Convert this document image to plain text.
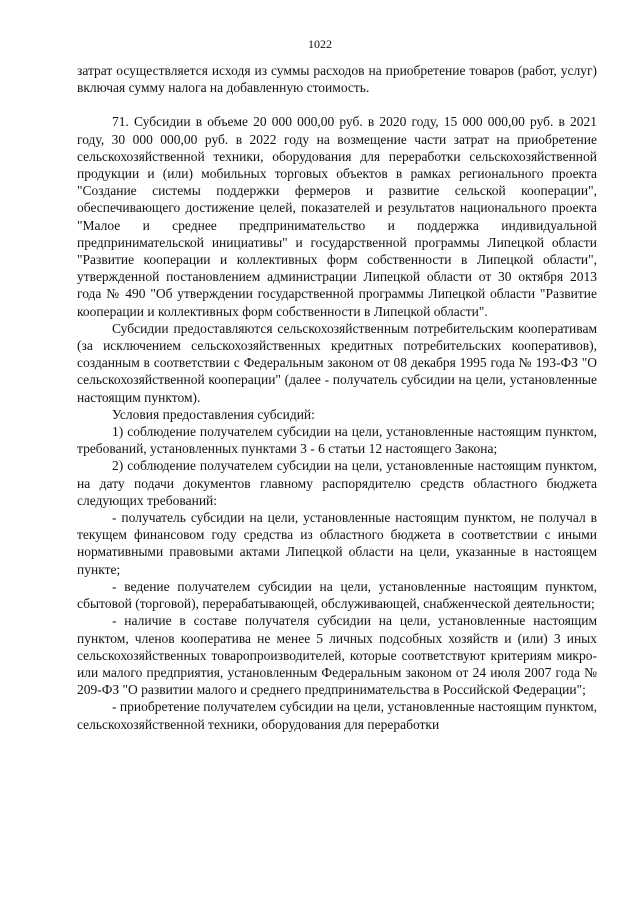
1022

затрат осуществляется исходя из суммы расходов на приобретение товаров (работ, услуг) включая сумму налога на добавленную стоимость.

71. Субсидии в объеме 20 000 000,00 руб. в 2020 году, 15 000 000,00 руб. в 2021 году, 30 000 000,00 руб. в 2022 году на возмещение части затрат на приобретение сельскохозяйственной техники, оборудования для переработки сельскохозяйственной продукции и (или) мобильных торговых объектов в рамках регионального проекта "Создание системы поддержки фермеров и развитие сельской кооперации", обеспечивающего достижение целей, показателей и результатов национального проекта "Малое и среднее предпринимательство и поддержка индивидуальной предпринимательской инициативы" и государственной программы Липецкой области "Развитие кооперации и коллективных форм собственности в Липецкой области", утвержденной постановлением администрации Липецкой области от 30 октября 2013 года № 490 "Об утверждении государственной программы Липецкой области "Развитие кооперации и коллективных форм собственности в Липецкой области".

Субсидии предоставляются сельскохозяйственным потребительским кооперативам (за исключением сельскохозяйственных кредитных потребительских кооперативов), созданным в соответствии с Федеральным законом от 08 декабря 1995 года № 193-ФЗ "О сельскохозяйственной кооперации" (далее - получатель субсидии на цели, установленные настоящим пунктом).

Условия предоставления субсидий:

1) соблюдение получателем субсидии на цели, установленные настоящим пунктом, требований, установленных пунктами 3 - 6 статьи 12 настоящего Закона;

2) соблюдение получателем субсидии на цели, установленные настоящим пунктом, на дату подачи документов главному распорядителю средств областного бюджета следующих требований:

- получатель субсидии на цели, установленные настоящим пунктом, не получал в текущем финансовом году средства из областного бюджета в соответствии с иными нормативными правовыми актами Липецкой области на цели, указанные в настоящем пункте;

- ведение получателем субсидии на цели, установленные настоящим пунктом, сбытовой (торговой), перерабатывающей, обслуживающей, снабженческой деятельности;

- наличие в составе получателя субсидии на цели, установленные настоящим пунктом, членов кооператива не менее 5 личных подсобных хозяйств и (или) 3 иных сельскохозяйственных товаропроизводителей, которые соответствуют критериям микро- или малого предприятия, установленным Федеральным законом от 24 июля 2007 года № 209-ФЗ "О развитии малого и среднего предпринимательства в Российской Федерации";

- приобретение получателем субсидии на цели, установленные настоящим пунктом, сельскохозяйственной техники, оборудования для переработки
